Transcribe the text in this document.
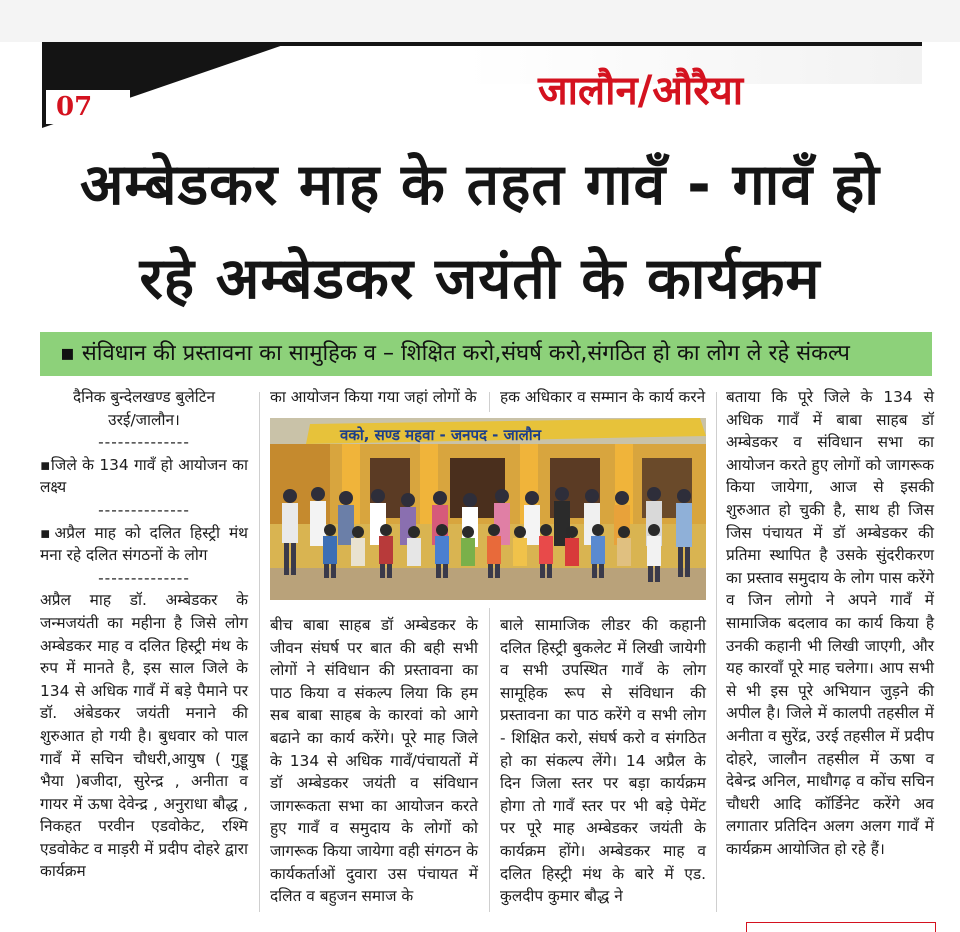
07	जालौन/औरैया
अम्बेडकर माह के तहत गावँ - गावँ हो
रहे अम्बेडकर जयंती के कार्यक्रम
▪ संविधान की प्रस्तावना का सामुहिक व – शिक्षित करो,संघर्ष करो,संगठित हो का लोग ले रहे संकल्प

दैनिक बुन्देलखण्ड बुलेटिन

उरई/जालौन।

--------------

▪जिले के 134 गावँ हो आयोजन का लक्ष्य

--------------

▪अप्रैल माह को दलित हिस्ट्री मंथ मना रहे दलित संगठनों के लोग

--------------

अप्रैल माह डॉ. अम्बेडकर के जन्मजयंती का महीना है जिसे लोग अम्बेडकर माह व दलित हिस्ट्री मंथ के रुप में मानते है, इस साल जिले के 134 से अधिक गावँ में बड़े पैमाने पर डॉ. अंबेडकर जयंती मनाने की शुरुआत हो गयी है। बुधवार को पाल गावँ में सचिन चौधरी,आयुष ( गुड्डू भैया )बजीदा, सुरेन्द्र , अनीता व गायर में ऊषा देवेन्द्र , अनुराधा बौद्ध , निकहत परवीन एडवोकेट, रश्मि एडवोकेट व माड़री में प्रदीप दोहरे द्वारा कार्यक्रम

का आयोजन किया गया जहां लोगों के हक अधिकार व सम्मान के कार्य करने

वको, सण्ड महवा - जनपद - जालौन

बीच बाबा साहब डॉ अम्बेडकर के जीवन संघर्ष पर बात की बही सभी लोगों ने संविधान की प्रस्तावना का पाठ किया व संकल्प लिया कि हम सब बाबा साहब के कारवां को आगे बढाने का कार्य करेंगे। पूरे माह जिले के 134 से अधिक गावँ/पंचायतों में डॉ अम्बेडकर जयंती व संविधान जागरूकता सभा का आयोजन करते हुए गावँ व समुदाय के लोगों को जागरूक किया जायेगा वही संगठन के कार्यकर्ताओं दुवारा उस पंचायत में दलित व बहुजन समाज के

बाले सामाजिक लीडर की कहानी दलित हिस्ट्री बुकलेट में लिखी जायेगी व सभी उपस्थित गावँ के लोग सामूहिक रूप से संविधान की प्रस्तावना का पाठ करेंगे व सभी लोग - शिक्षित करो, संघर्ष करो व संगठित हो का संकल्प लेंगे। 14 अप्रैल के दिन जिला स्तर पर बड़ा कार्यक्रम होगा तो गावँ स्तर पर भी बड़े पेमेंट पर पूरे माह अम्बेडकर जयंती के कार्यक्रम होंगे। अम्बेडकर माह व दलित हिस्ट्री मंथ के बारे में एड. कुलदीप कुमार बौद्ध ने

बताया कि पूरे जिले के 134 से अधिक गावँ में बाबा साहब डॉ अम्बेडकर व संविधान सभा का आयोजन करते हुए लोगों को जागरूक किया जायेगा, आज से इसकी शुरुआत हो चुकी है, साथ ही जिस जिस पंचायत में डॉ अम्बेडकर की प्रतिमा स्थापित है उसके सुंदरीकरण का प्रस्ताव समुदाय के लोग पास करेंगे व जिन लोगो ने अपने गावँ में सामाजिक बदलाव का कार्य किया है उनकी कहानी भी लिखी जाएगी, और यह कारवाँ पूरे माह चलेगा। आप सभी से भी इस पूरे अभियान जुड़ने की अपील है। जिले में कालपी तहसील में अनीता व सुरेंद्र, उरई तहसील में प्रदीप दोहरे, जालौन तहसील में ऊषा व देबेन्द्र अनिल, माधौगढ़ व कोंच सचिन चौधरी आदि कॉर्डिनेट करेंगे अव लगातार प्रतिदिन अलग अलग गावँ में कार्यक्रम आयोजित हो रहे हैं।
